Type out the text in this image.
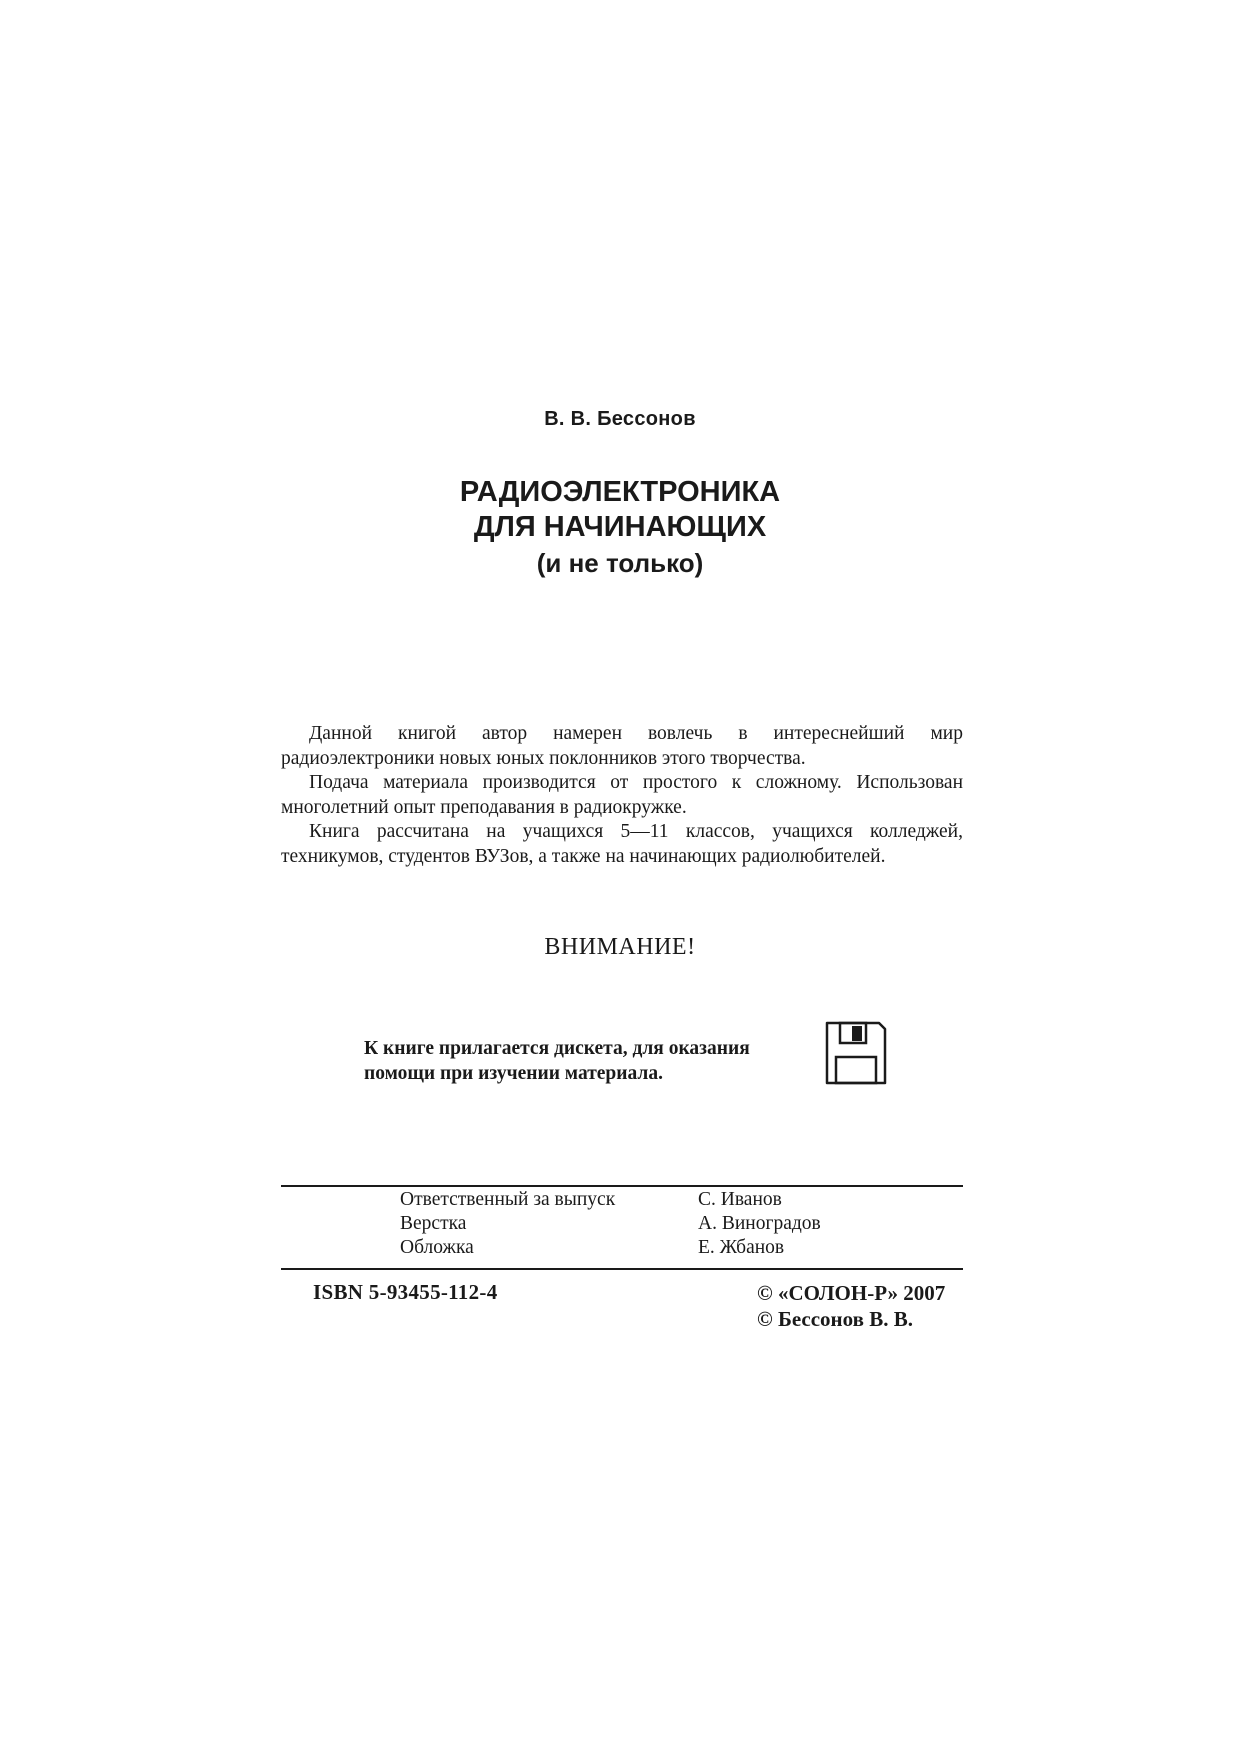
В. В. Бессонов
РАДИОЭЛЕКТРОНИКА
ДЛЯ НАЧИНАЮЩИХ
(и не только)

Данной книгой автор намерен вовлечь в интереснейший мир радиоэлектроники новых юных поклонников этого творчества.

Подача материала производится от простого к сложному. Использован многолетний опыт преподавания в радиокружке.

Книга рассчитана на учащихся 5—11 классов, учащихся колледжей, техникумов, студентов ВУЗов, а также на начинающих радиолюбителей.

ВНИМАНИЕ!

К книге прилагается дискета, для оказания

помощи при изучении материала.

Ответственный за выпуск	С. Иванов
Верстка	А. Виноградов
Обложка	Е. Жбанов
ISBN 5-93455-112-4	© «СОЛОН-Р» 2007
© Бессонов В. В.
